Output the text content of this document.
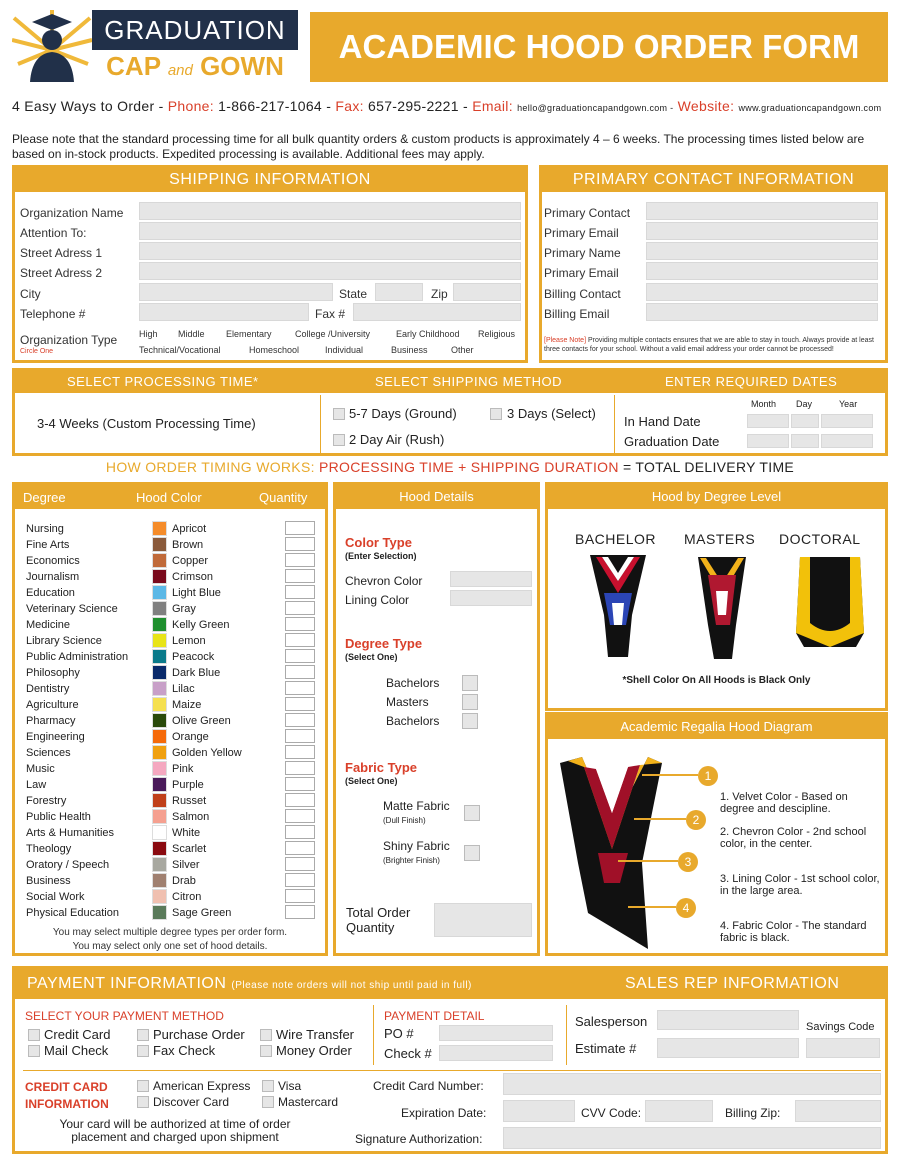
GRADUATION
CAP and GOWN
ACADEMIC HOOD ORDER FORM
4 Easy Ways to Order - Phone: 1-866-217-1064 - Fax: 657-295-2221 - Email: hello@graduationcapandgown.com - Website: www.graduationcapandgown.com
Please note that the standard processing time for all bulk quantity orders & custom products is approximately 4 – 6 weeks. The processing times listed below are based on in-stock products. Expedited processing is available. Additional fees may apply.
SHIPPING INFORMATION
Organization Name
Attention To:
Street Adress 1
Street Adress 2
City	State	Zip
Telephone #	Fax #
Organization Type
Circle One
High Middle Elementary	College /University	Early Childhood Religious
Technical/Vocational	Homeschool	Individual	Business	Other
PRIMARY CONTACT INFORMATION
Primary Contact
Primary Email
Primary Name
Primary Email
Billing Contact
Billing Email
[Please Note] Providing multiple contacts ensures that we are able to stay in touch. Always provide at least three contacts for your school. Without a valid email address your order cannot be processed!
SELECT PROCESSING TIME*	SELECT SHIPPING METHOD	ENTER REQUIRED DATES
3-4 Weeks (Custom Processing Time)
5-7 Days (Ground)	3 Days (Select)
2 Day Air (Rush)
Month Day	Year
In Hand Date
Graduation Date
HOW ORDER TIMING WORKS: PROCESSING TIME + SHIPPING DURATION = TOTAL DELIVERY TIME
Degree	Hood Color	Quantity
Nursing	Apricot
Fine Arts	Brown
Economics	Copper
Journalism	Crimson
Education	Light Blue
Veterinary Science	Gray
Medicine	Kelly Green
Library Science	Lemon
Public Administration	Peacock
Philosophy	Dark Blue
Dentistry	Lilac
Agriculture	Maize
Pharmacy	Olive Green
Engineering	Orange
Sciences	Golden Yellow
Music	Pink
Law	Purple
Forestry	Russet
Public Health	Salmon
Arts & Humanities	White
Theology	Scarlet
Oratory / Speech	Silver
Business	Drab
Social Work	Citron
Physical Education	Sage Green
You may select multiple degree types per order form.
You may select only one set of hood details.
Hood Details
Color Type
(Enter Selection)
Chevron Color
Lining Color
Degree Type
(Select One)
Bachelors
Masters
Bachelors
Fabric Type
(Select One)
Matte Fabric
(Dull Finish)
Shiny Fabric
(Brighter Finish)
Total Order
Quantity
Hood by Degree Level
BACHELOR MASTERS DOCTORAL
*Shell Color On All Hoods is Black Only
Academic Regalia Hood Diagram
1
2
3
4
1. Velvet Color - Based on degree and descipline.
2. Chevron Color - 2nd school color, in the center.
3. Lining Color - 1st school color, in the large area.
4. Fabric Color - The standard fabric is black.
PAYMENT INFORMATION (Please note orders will not ship until paid in full)	SALES REP INFORMATION
SELECT YOUR PAYMENT METHOD
Credit Card	Purchase Order Wire Transfer
Mail Check	Fax Check	Money Order
PAYMENT DETAIL
PO #
Check #
Salesperson
Estimate #
Savings Code
CREDIT CARD
INFORMATION
American Express Visa
Discover Card	Mastercard
Your card will be authorized at time of order
placement and charged upon shipment
Credit Card Number:
Expiration Date:	CVV Code:	Billing Zip:
Signature Authorization:
